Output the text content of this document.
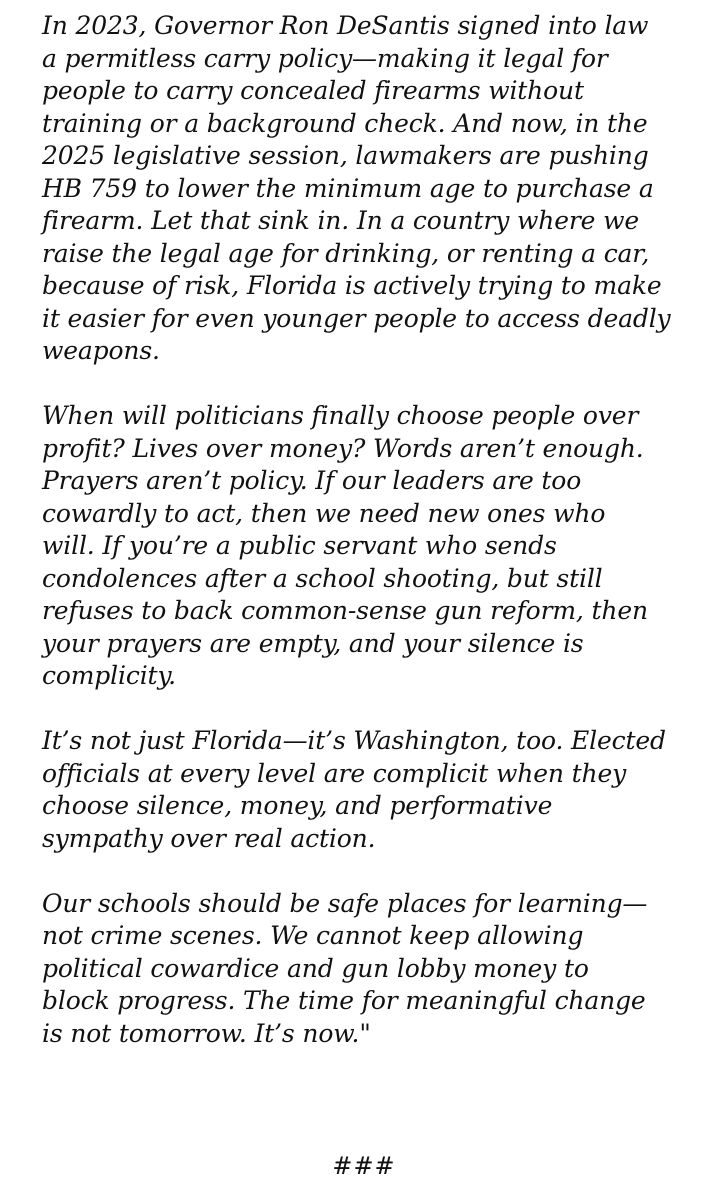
In 2023, Governor Ron DeSantis signed into law
a permitless carry policy—making it legal for
people to carry concealed firearms without
training or a background check. And now, in the
2025 legislative session, lawmakers are pushing
HB 759 to lower the minimum age to purchase a
firearm. Let that sink in. In a country where we
raise the legal age for drinking, or renting a car,
because of risk, Florida is actively trying to make
it easier for even younger people to access deadly
weapons.
When will politicians finally choose people over
profit? Lives over money? Words aren’t enough.
Prayers aren’t policy. If our leaders are too
cowardly to act, then we need new ones who
will. If you’re a public servant who sends
condolences after a school shooting, but still
refuses to back common-sense gun reform, then
your prayers are empty, and your silence is
complicity.
It’s not just Florida—it’s Washington, too. Elected
officials at every level are complicit when they
choose silence, money, and performative
sympathy over real action.
Our schools should be safe places for learning—
not crime scenes. We cannot keep allowing
political cowardice and gun lobby money to
block progress. The time for meaningful change
is not tomorrow. It’s now."
###
